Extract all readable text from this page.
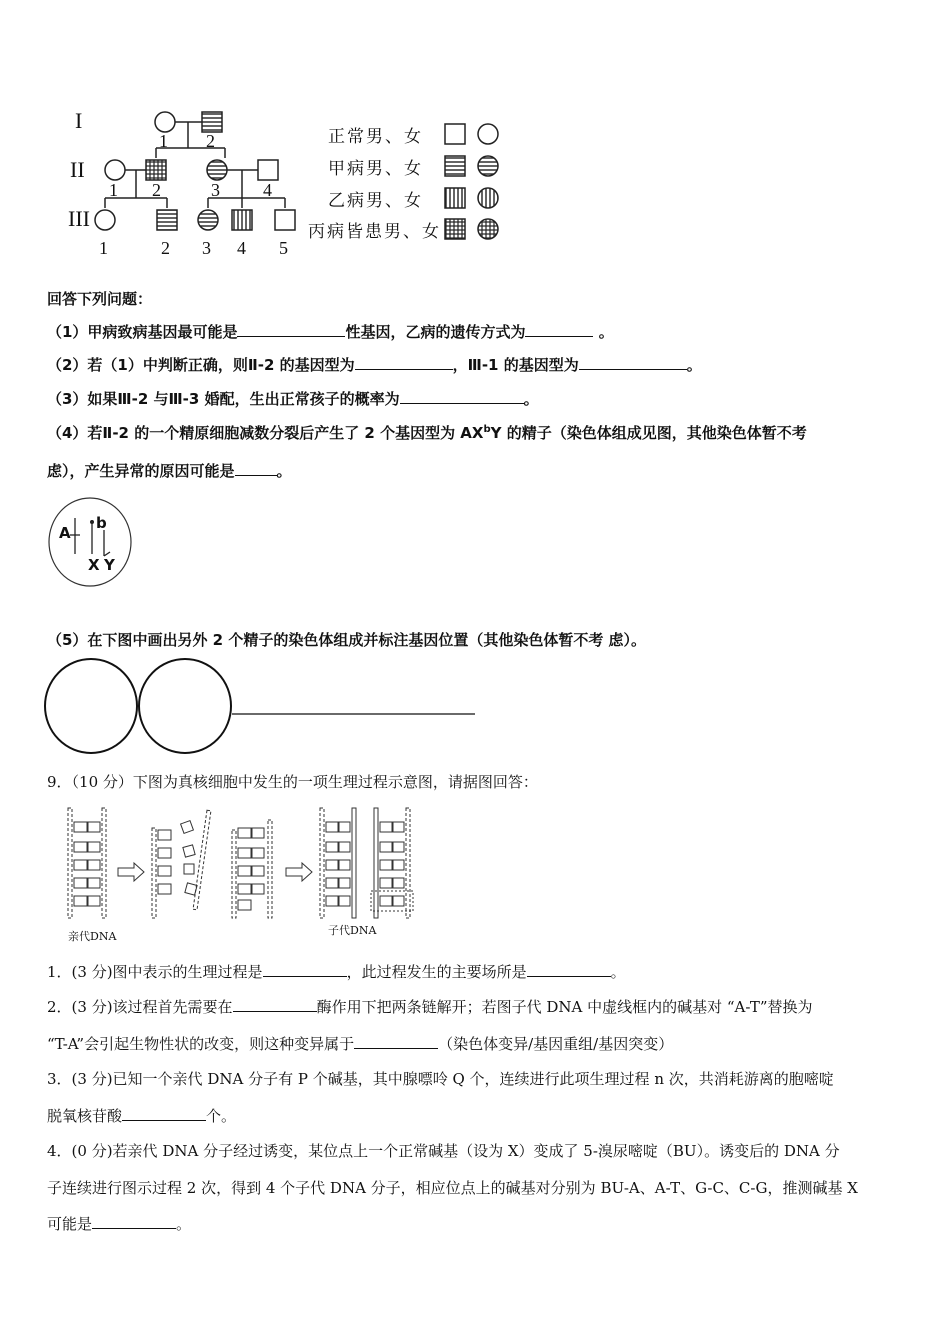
I
II
III
1 2
1 2	3 4
1	2 3 4 5
正常男、女
甲病男、女
乙病男、女
丙病皆患男、女
回答下列问题：
（1）甲病致病基因最可能是	性基因，乙病的遗传方式为	。
（2）若（1）中判断正确，则Ⅱ-2 的基因型为	，Ⅲ-1 的基因型为	。
（3）如果Ⅲ-2 与Ⅲ-3 婚配，生出正常孩子的概率为	。
（4）若Ⅱ-2 的一个精原细胞减数分裂后产生了 2 个基因型为 $AX^bY$ 的精子（染色体组成见图，其他染色体暂不考
虑），产生异常的原因可能是	。
A
b
X Y
（5）在下图中画出另外 2 个精子的染色体组成并标注基因位置（其他染色体暂不考 虑）。
9．（10 分）下图为真核细胞中发生的一项生理过程示意图，请据图回答：
亲代DNA	子代DNA
1．(3 分)图中表示的生理过程是	，此过程发生的主要场所是	。
2．(3 分)该过程首先需要在	酶作用下把两条链解开；若图子代 DNA 中虚线框内的碱基对 “A-T”替换为
“T-A”会引起生物性状的改变，则这种变异属于	（染色体变异/基因重组/基因突变）
3．(3 分)已知一个亲代 DNA 分子有 P 个碱基，其中腺嘌呤 Q 个，连续进行此项生理过程 n 次，共消耗游离的胞嘧啶
脱氧核苷酸	个。
4．(0 分)若亲代 DNA 分子经过诱变，某位点上一个正常碱基（设为 X）变成了 5-溴尿嘧啶（BU）。诱变后的 DNA 分
子连续进行图示过程 2 次，得到 4 个子代 DNA 分子，相应位点上的碱基对分别为 BU-A、A-T、G-C、C-G，推测碱基 X
可能是	。
